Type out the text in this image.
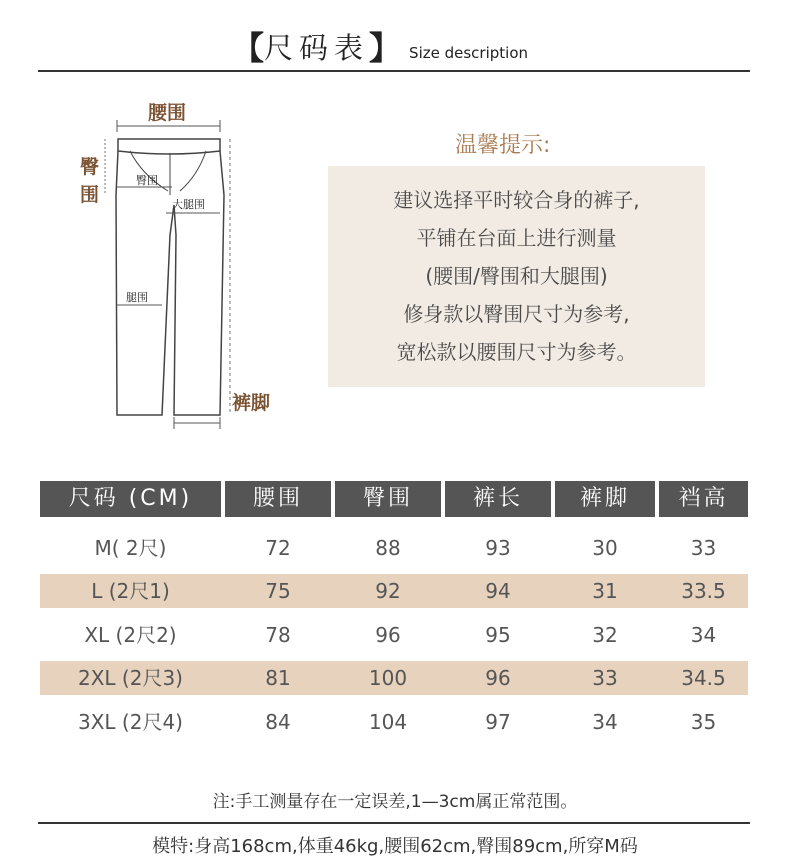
【 尺码表 】 Size description
腰围
臀围
臀围
大腿围
腿围
裤脚
温馨提示:
建议选择平时较合身的裤子,
平铺在台面上进行测量
(腰围/臀围和大腿围)
修身款以臀围尺寸为参考,
宽松款以腰围尺寸为参考。
尺码 (CM)	腰围	臀围	裤长	裤脚	裆高
M( 2尺)	72	88	93	30	33
L (2尺1)	75	92	94	31	33.5
XL (2尺2)	78	96	95	32	34
2XL (2尺3)	81	100	96	33	34.5
3XL (2尺4)	84	104	97	34	35
注:手工测量存在一定误差,1—3cm属正常范围。
模特:身高168cm,体重46kg,腰围62cm,臀围89cm,所穿M码
